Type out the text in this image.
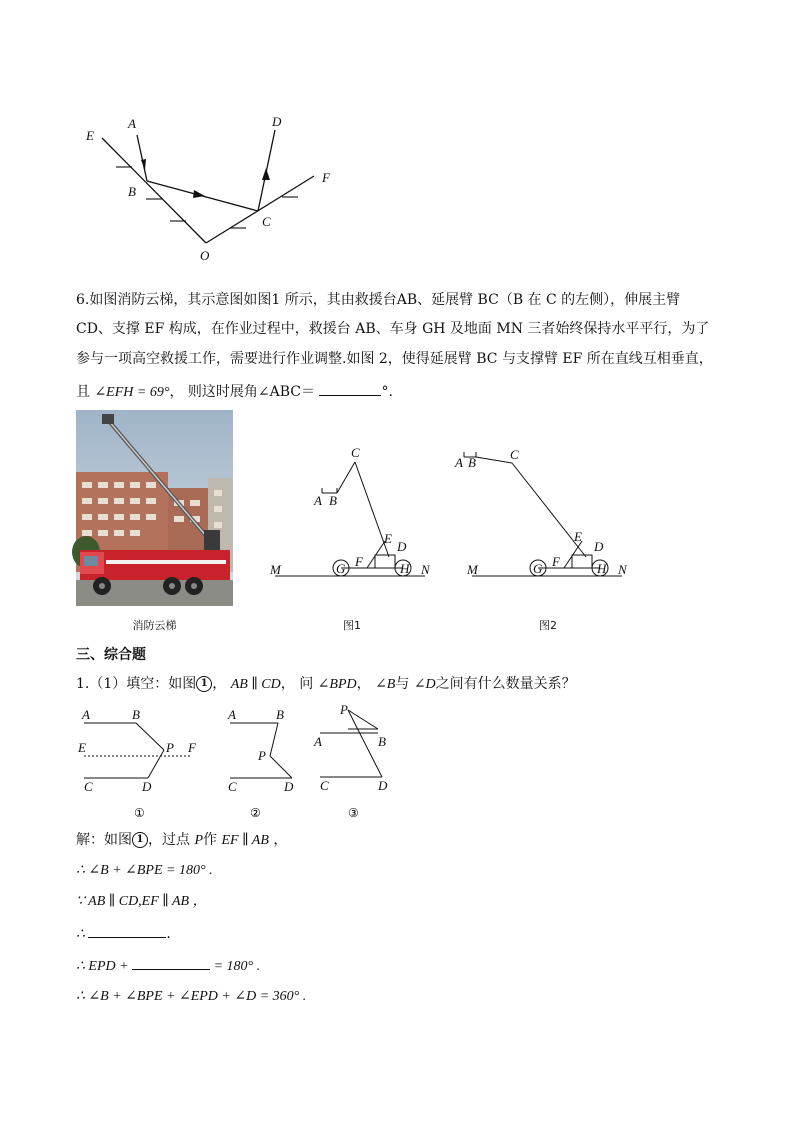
E
A	D
F
B
C
O
6.如图消防云梯，其示意图如图1 所示，其由救援台AB、延展臂 BC（B 在 C 的左侧），伸展主臂
CD、支撑 EF 构成，在作业过程中，救援台 AB、车身 GH 及地面 MN 三者始终保持水平平行，为了
参与一项高空救援工作，需要进行作业调整.如图 2，使得延展臂 BC 与支撑臂 EF 所在直线互相垂直，
且 ∠EFH = 69°， 则这时展角∠ABC＝	°.
消防云梯
C
A B
E
D
F
G	H
M	N
图1
C
A B
E
D
F
G	H
M	N
图2
三、综合题
1.（1）填空：如图 1 ， AB ∥ CD， 问 ∠BPD， ∠B与 ∠D之间有什么数量关系？
A	B
E	P F
C	D
①
A	B
P
C	D
②
P
A	B
C	D
③
解：如图 1 ，过点 P作 EF ∥ AB ，
∴ ∠B + ∠BPE = 180° .
∵ AB ∥ CD,EF ∥ AB ，
∴	.
∴ EPD +	= 180° .
∴ ∠B + ∠BPE + ∠EPD + ∠D = 360° .
